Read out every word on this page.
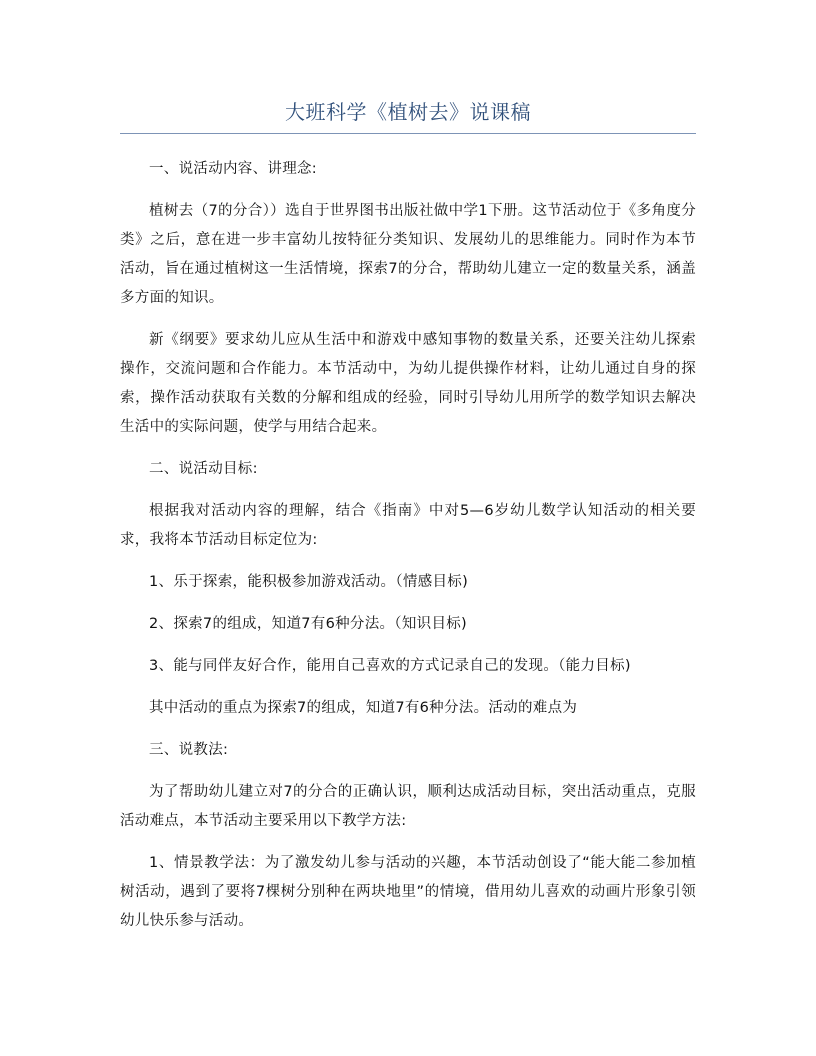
大班科学《植树去》说课稿

一、说活动内容、讲理念:

植树去（7的分合））选自于世界图书出版社做中学1下册。这节活动位于《多角度分类》之后，意在进一步丰富幼儿按特征分类知识、发展幼儿的思维能力。同时作为本节活动，旨在通过植树这一生活情境，探索7的分合，帮助幼儿建立一定的数量关系，涵盖多方面的知识。

新《纲要》要求幼儿应从生活中和游戏中感知事物的数量关系，还要关注幼儿探索操作，交流问题和合作能力。本节活动中，为幼儿提供操作材料，让幼儿通过自身的探索，操作活动获取有关数的分解和组成的经验，同时引导幼儿用所学的数学知识去解决生活中的实际问题，使学与用结合起来。

二、说活动目标:

根据我对活动内容的理解，结合《指南》中对5—6岁幼儿数学认知活动的相关要求，我将本节活动目标定位为:

1、乐于探索，能积极参加游戏活动。（情感目标)

2、探索7的组成，知道7有6种分法。（知识目标)

3、能与同伴友好合作，能用自己喜欢的方式记录自己的发现。（能力目标)

其中活动的重点为探索7的组成，知道7有6种分法。活动的难点为

三、说教法:

为了帮助幼儿建立对7的分合的正确认识，顺利达成活动目标，突出活动重点，克服活动难点，本节活动主要采用以下教学方法:

1、情景教学法：为了激发幼儿参与活动的兴趣，本节活动创设了“能大能二参加植树活动，遇到了要将7棵树分别种在两块地里”的情境，借用幼儿喜欢的动画片形象引领幼儿快乐参与活动。
